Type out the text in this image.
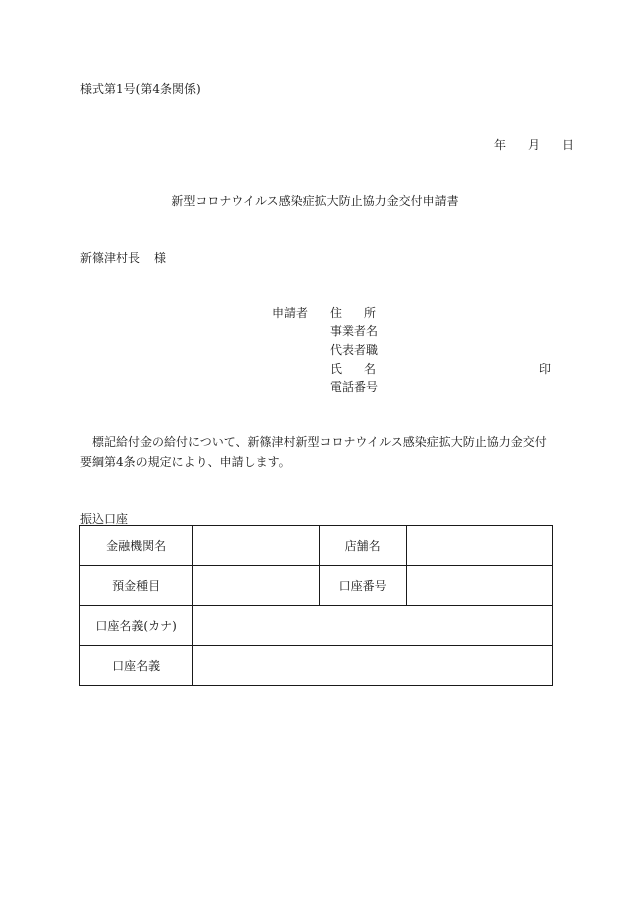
様式第1号(第4条関係)
年 月 日
新型コロナウイルス感染症拡大防止協力金交付申請書
新篠津村長 様
申請者 住　所
事業者名
代表者職
氏　名
電話番号
印
標記給付金の給付について、新篠津村新型コロナウイルス感染症拡大防止協力金交付要綱第4条の規定により、申請します。
振込口座
金融機関名		店舗名	
預金種目		口座番号	
口座名義(カナ)			
口座名義			
